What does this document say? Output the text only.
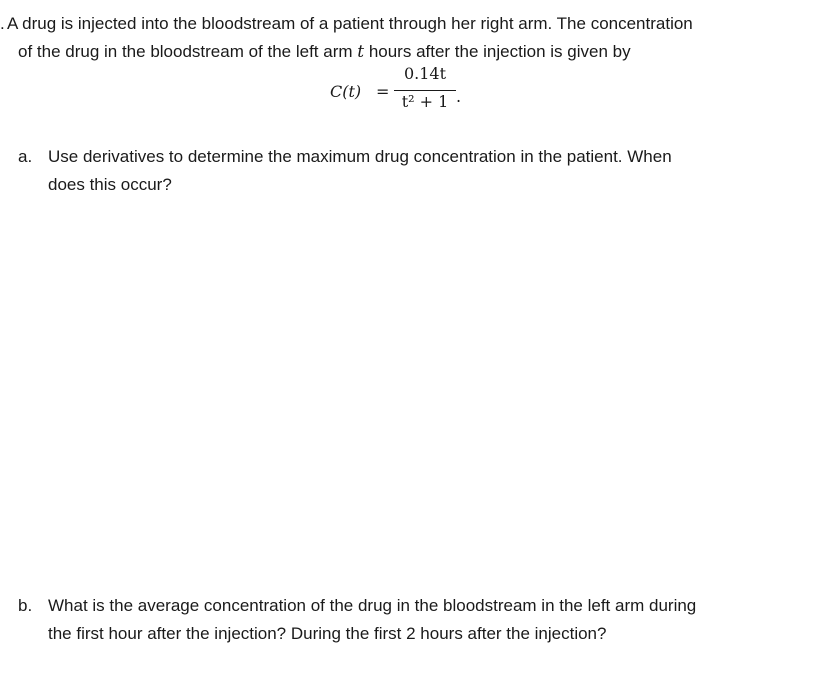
. A drug is injected into the bloodstream of a patient through her right arm. The concentration
of the drug in the bloodstream of the left arm t hours after the injection is given by
C(t) =
0.14t
t² + 1 .
a. Use derivatives to determine the maximum drug concentration in the patient. When
does this occur?
b. What is the average concentration of the drug in the bloodstream in the left arm during
the first hour after the injection? During the first 2 hours after the injection?
